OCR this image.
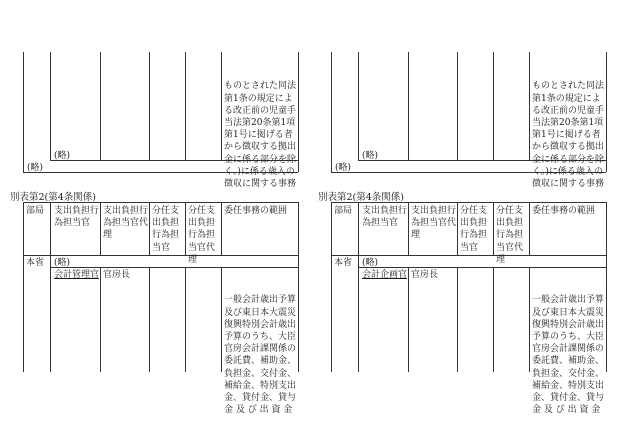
ものとされた同法
第1条の規定によ
る改正前の児童手
当法第20条第1項
第1号に掲げる者
から徴収する拠出
金に係る部分を除
く。)に係る歳入の
徴収に関する事務

(略)
(略)
別表第2(第4条関係)
部局 支出負担行
為担当官
支出負担行
為担当官代
理
分任支
出負担
行為担
当官
分任支
出負担
行為担
当官代
理
委任事務の範囲
本省 (略)
会計管理官 官房長

一般会計歳出予算
及び東日本大震災
復興特別会計歳出
予算のうち、大臣
官房会計課関係の
委託費、補助金、
負担金、交付金、
補給金、特別支出
金、貸付金、貸与
金 及 び 出 資 金

ものとされた同法
第1条の規定によ
る改正前の児童手
当法第20条第1項
第1号に掲げる者
から徴収する拠出
金に係る部分を除
く。)に係る歳入の
徴収に関する事務

(略)
(略)
別表第2(第4条関係)
部局 支出負担行
為担当官
支出負担行
為担当官代
理
分任支
出負担
行為担
当官
分任支
出負担
行為担
当官代
理
委任事務の範囲
本省 (略)
会計企画官 官房長

一般会計歳出予算
及び東日本大震災
復興特別会計歳出
予算のうち、大臣
官房会計課関係の
委託費、補助金、
負担金、交付金、
補給金、特別支出
金、貸付金、貸与
金 及 び 出 資 金
